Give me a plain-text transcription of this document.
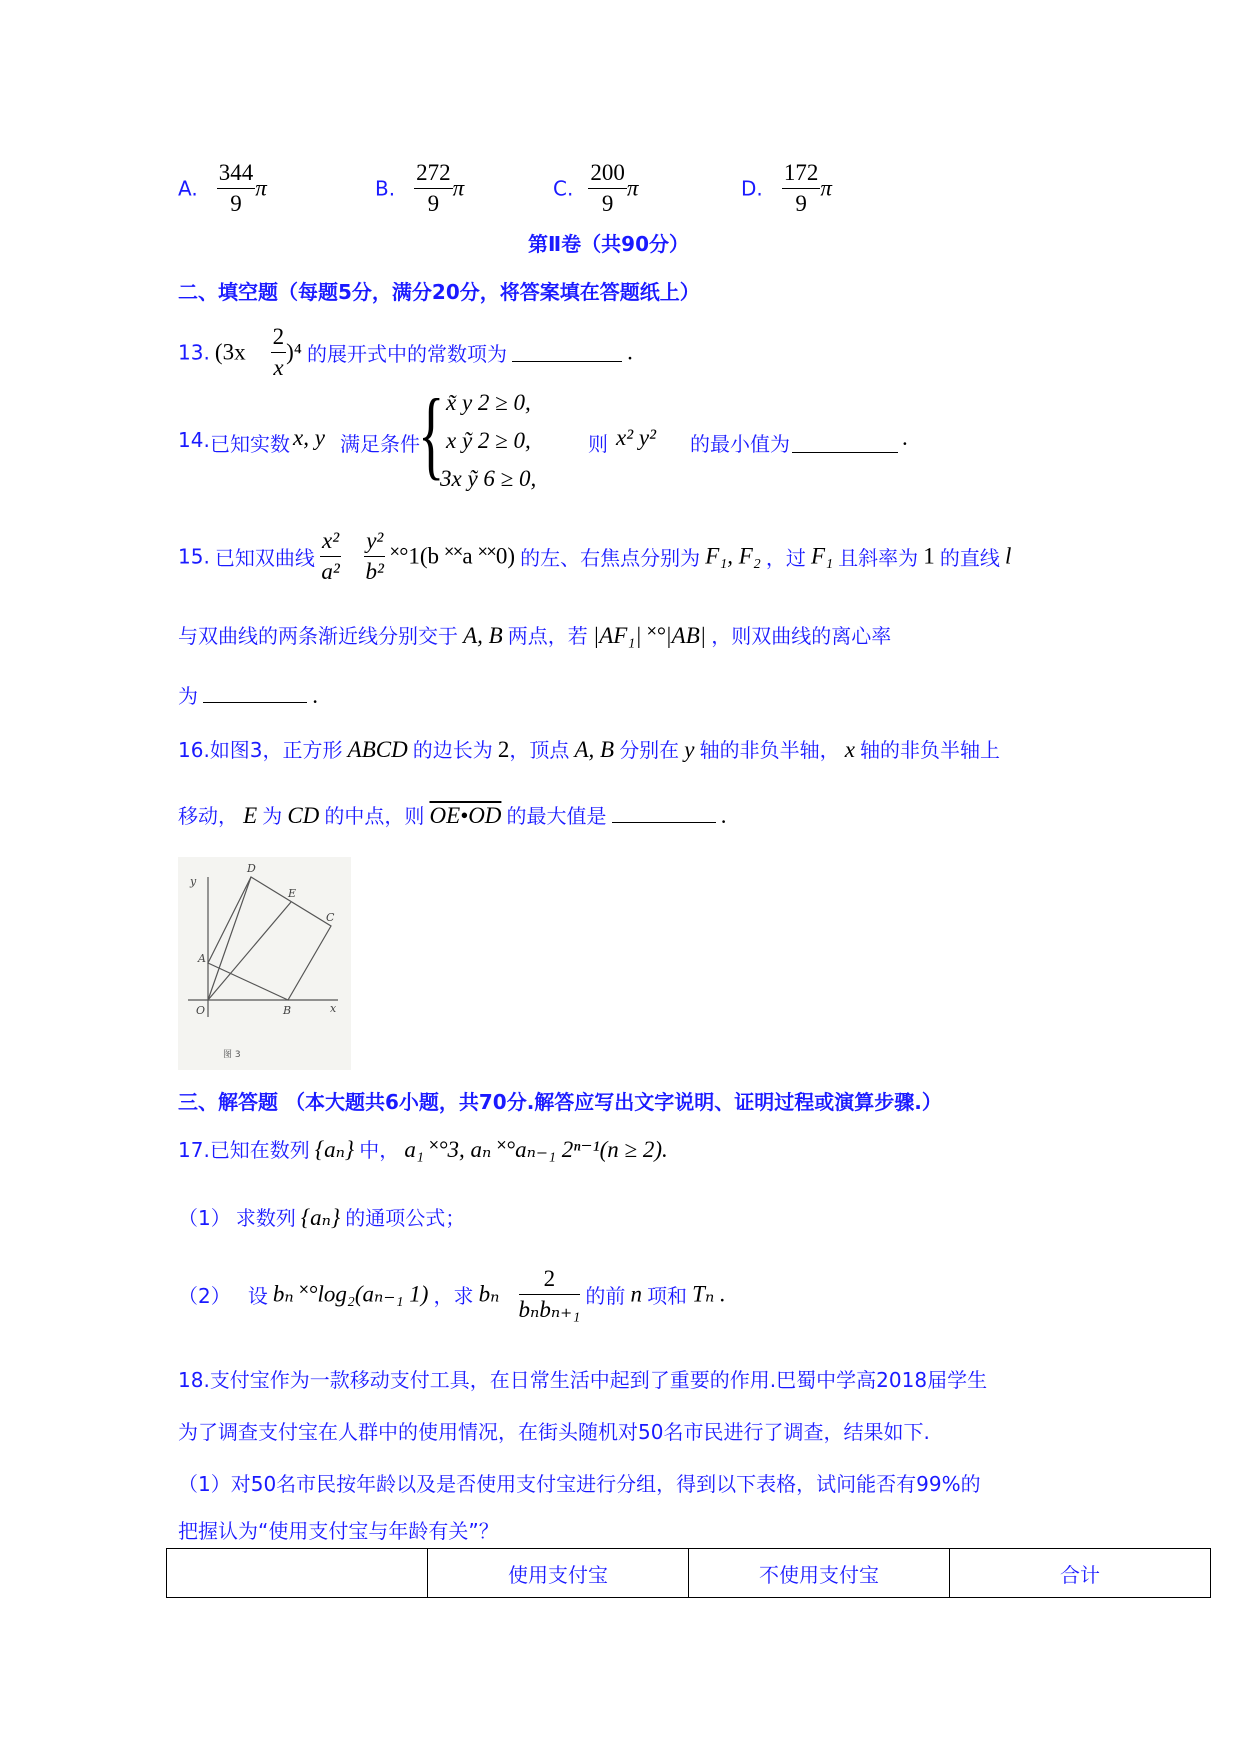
A. $\frac{344}{9}$ π	B. $\frac{272}{9}$ π	C. $\frac{200}{9}$ π	D. $\frac{172}{9}$ π
第Ⅱ卷（共90分）
二、填空题（每题5分，满分20分，将答案填在答题纸上）
13. $(3x \frac{2}{x} )^4$ 的展开式中的常数项为	.
14. 已知实数 x, y 满足条件
{ x̃ y 2 ≥ 0,
x ỹ 2 ≥ 0,
3x ỹ 6 ≥ 0,
则 x² y² 的最小值为	.
15. 已知双曲线 $\frac{\text{x²}}{\text{a²}}$
$\frac{\text{y²}}{\text{b²}}$ ˟°1(b ˟˟a ˟˟0) 的左、右焦点分别为 F₁, F₂ ，过 F₁ 且斜率为 1 的直线 l
与双曲线的两条渐近线分别交于 A, B 两点，若 |AF₁| ˟°|AB| ，则双曲线的离心率
为	.
16.如图3，正方形 ABCD 的边长为 2，顶点 A, B 分别在 y 轴的非负半轴， x 轴的非负半轴上
移动， E 为 CD 的中点，则 OE•OD 的最大值是	.
D
E
C
A
O	B
y
x
图 3
三、解答题 （本大题共6小题，共70分.解答应写出文字说明、证明过程或演算步骤.）
17.已知在数列 {aₙ} 中， a₁ ˟°3, aₙ ˟°aₙ₋₁ 2ⁿ⁻¹(n ≥ 2).
（1） 求数列 {aₙ} 的通项公式；
（2） 设 bₙ ˟°log₂(aₙ₋₁ 1) ，求 bₙ $\frac{2}{\text{bₙbₙ₊₁}}$ 的前 n 项和 Tₙ .
18.支付宝作为一款移动支付工具，在日常生活中起到了重要的作用.巴蜀中学高2018届学生
为了调查支付宝在人群中的使用情况，在街头随机对50名市民进行了调查，结果如下.
（1）对50名市民按年龄以及是否使用支付宝进行分组，得到以下表格，试问能否有99%的
把握认为“使用支付宝与年龄有关”？
	使用支付宝	不使用支付宝	合计
